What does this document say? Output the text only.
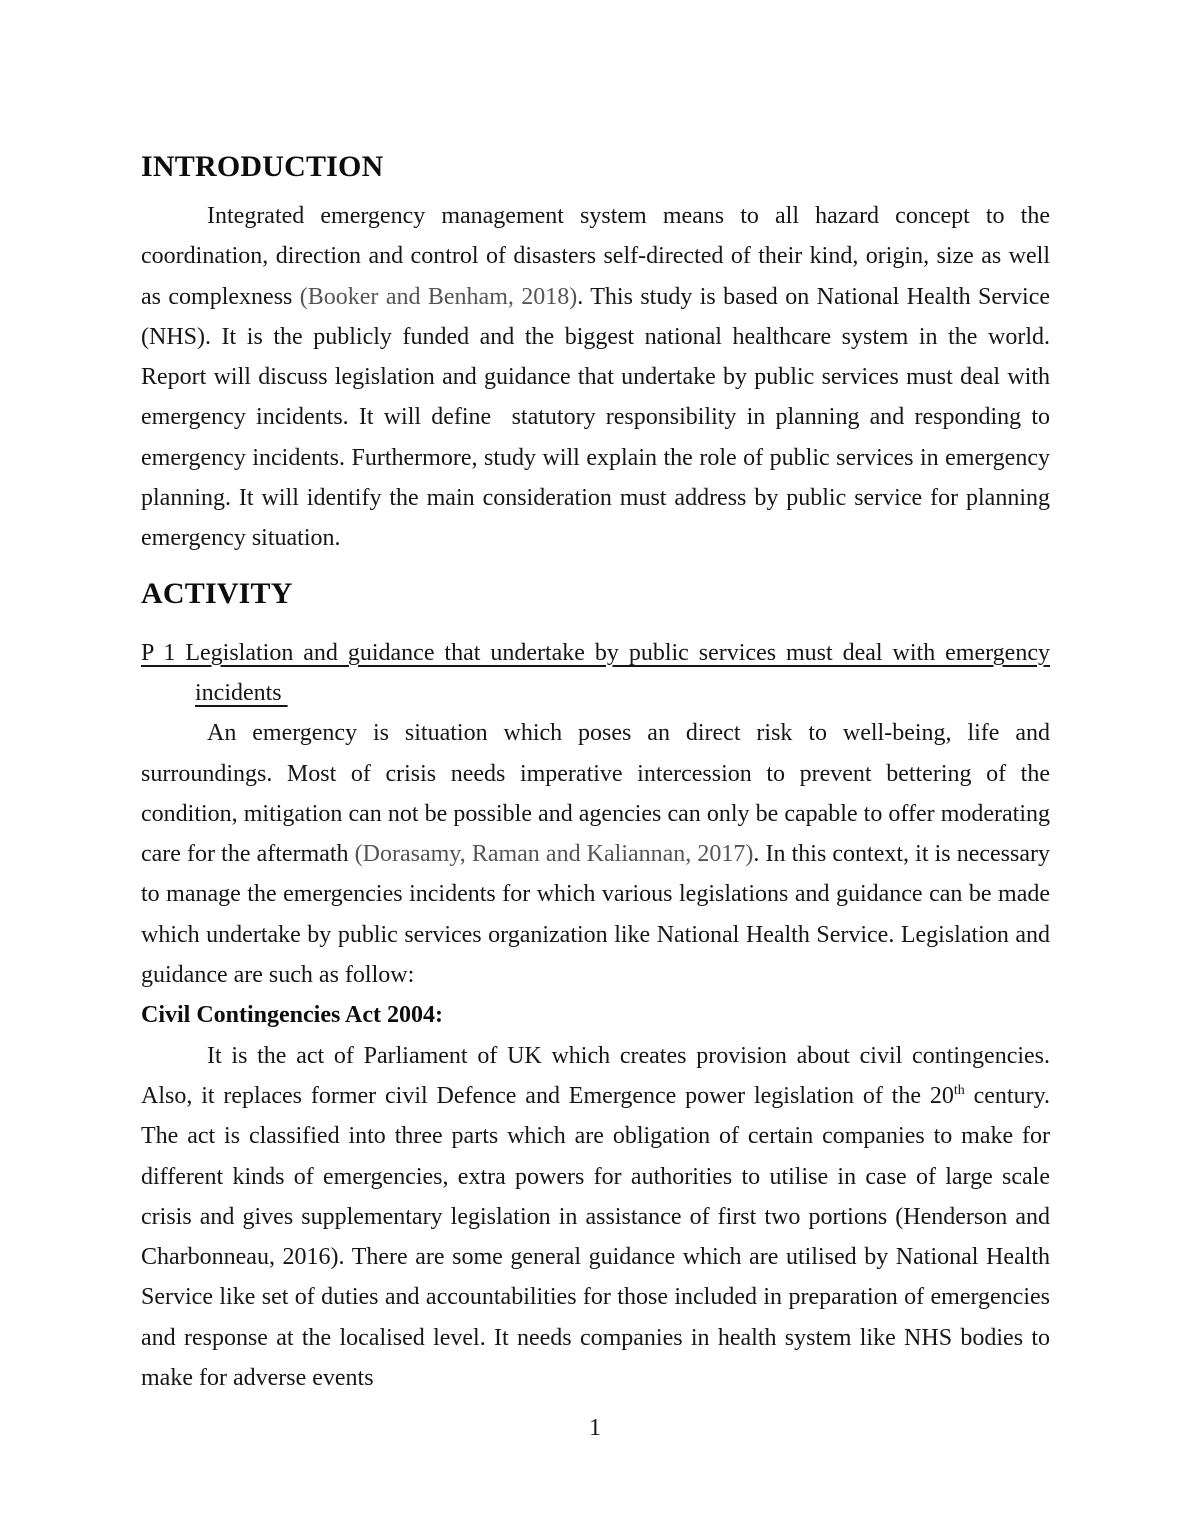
INTRODUCTION

Integrated emergency management system means to all hazard concept to the coordination, direction and control of disasters self-directed of their kind, origin, size as well as complexness (Booker and Benham, 2018). This study is based on National Health Service (NHS). It is the publicly funded and the biggest national healthcare system in the world. Report will discuss legislation and guidance that undertake by public services must deal with emergency incidents. It will define  statutory responsibility in planning and responding to emergency incidents. Furthermore, study will explain the role of public services in emergency planning. It will identify the main consideration must address by public service for planning emergency situation.

ACTIVITY
P 1 Legislation and guidance that undertake by public services must deal with emergency incidents

An emergency is situation which poses an direct risk to well-being, life and surroundings. Most of crisis needs imperative intercession to prevent bettering of the condition, mitigation can not be possible and agencies can only be capable to offer moderating care for the aftermath (Dorasamy, Raman and Kaliannan, 2017). In this context, it is necessary to manage the emergencies incidents for which various legislations and guidance can be made which undertake by public services organization like National Health Service. Legislation and guidance are such as follow:

Civil Contingencies Act 2004:

It is the act of Parliament of UK which creates provision about civil contingencies. Also, it replaces former civil Defence and Emergence power legislation of the 20th century. The act is classified into three parts which are obligation of certain companies to make for different kinds of emergencies, extra powers for authorities to utilise in case of large scale crisis and gives supplementary legislation in assistance of first two portions (Henderson and Charbonneau, 2016). There are some general guidance which are utilised by National Health Service like set of duties and accountabilities for those included in preparation of emergencies and response at the localised level. It needs companies in health system like NHS bodies to make for adverse events

1
